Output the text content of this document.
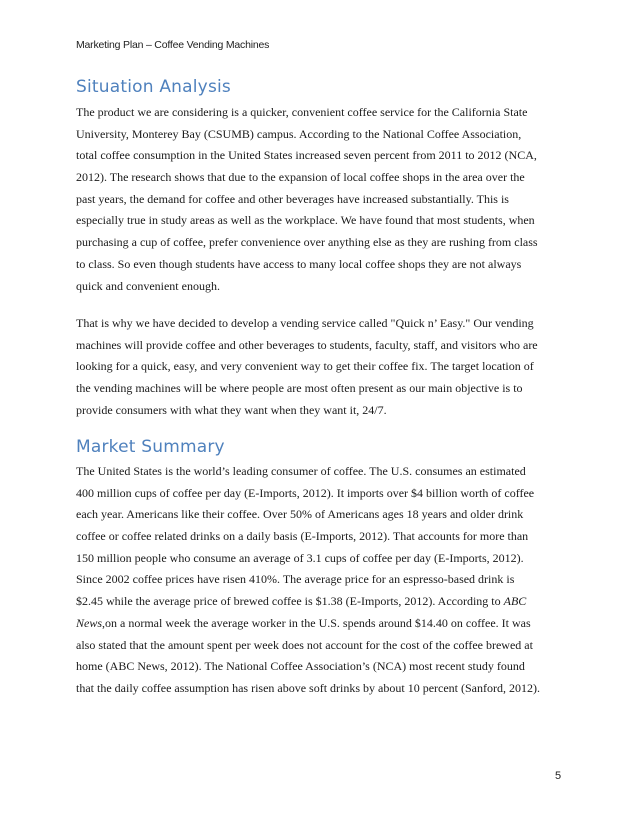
Marketing Plan – Coffee Vending Machines
Situation Analysis
The product we are considering is a quicker, convenient coffee service for the California State
University, Monterey Bay (CSUMB) campus. According to the National Coffee Association,
total coffee consumption in the United States increased seven percent from 2011 to 2012 (NCA,
2012). The research shows that due to the expansion of local coffee shops in the area over the
past years, the demand for coffee and other beverages have increased substantially. This is
especially true in study areas as well as the workplace. We have found that most students, when
purchasing a cup of coffee, prefer convenience over anything else as they are rushing from class
to class. So even though students have access to many local coffee shops they are not always
quick and convenient enough.
That is why we have decided to develop a vending service called "Quick n’ Easy." Our vending
machines will provide coffee and other beverages to students, faculty, staff, and visitors who are
looking for a quick, easy, and very convenient way to get their coffee fix. The target location of
the vending machines will be where people are most often present as our main objective is to
provide consumers with what they want when they want it, 24/7.
Market Summary
The United States is the world’s leading consumer of coffee. The U.S. consumes an estimated
400 million cups of coffee per day (E-Imports, 2012). It imports over $4 billion worth of coffee
each year. Americans like their coffee. Over 50% of Americans ages 18 years and older drink
coffee or coffee related drinks on a daily basis (E-Imports, 2012). That accounts for more than
150 million people who consume an average of 3.1 cups of coffee per day (E-Imports, 2012).
Since 2002 coffee prices have risen 410%. The average price for an espresso-based drink is
$2.45 while the average price of brewed coffee is $1.38 (E-Imports, 2012). According to ABC
News,on a normal week the average worker in the U.S. spends around $14.40 on coffee. It was
also stated that the amount spent per week does not account for the cost of the coffee brewed at
home (ABC News, 2012). The National Coffee Association’s (NCA) most recent study found
that the daily coffee assumption has risen above soft drinks by about 10 percent (Sanford, 2012).
5
